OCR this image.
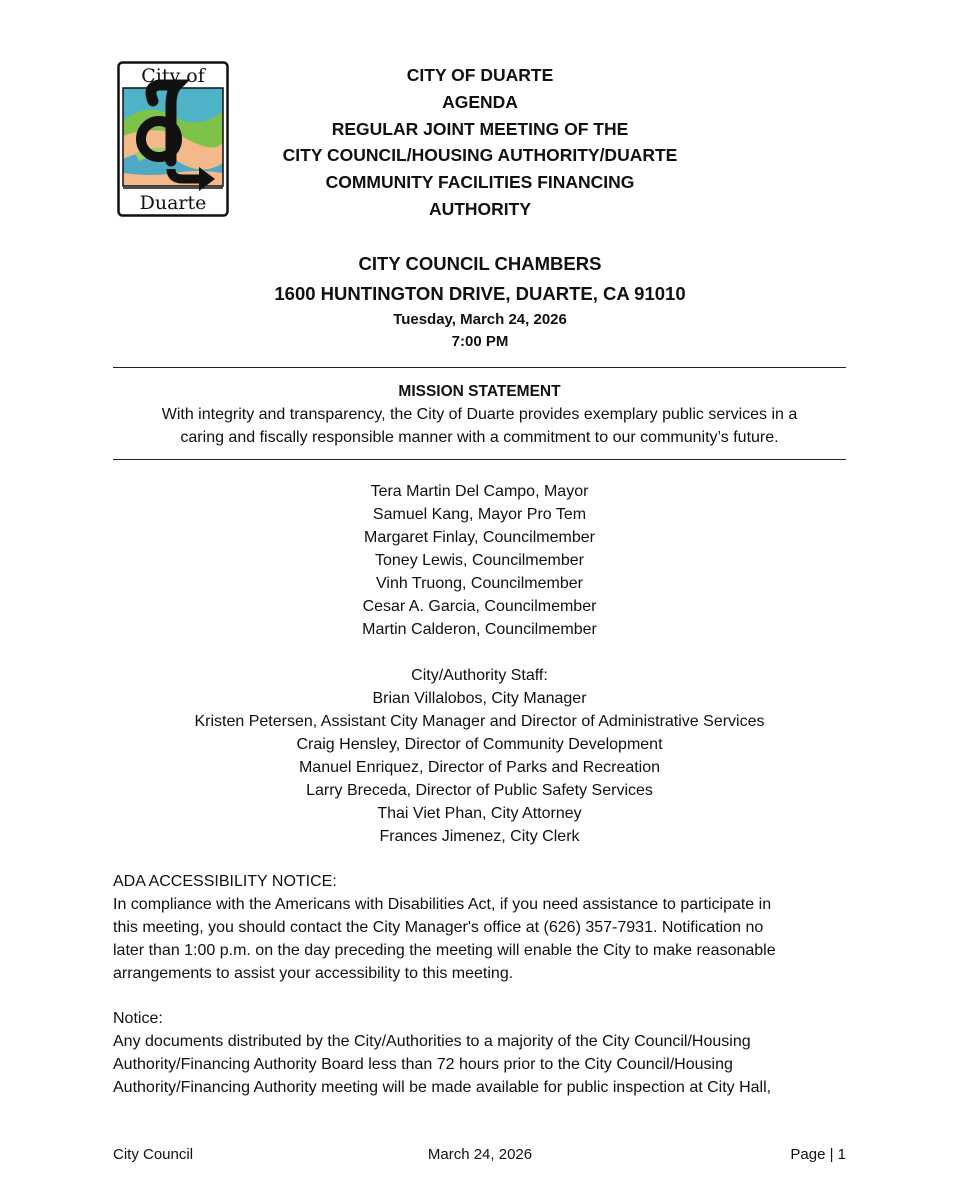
City of
Duarte
CITY OF DUARTE
AGENDA
REGULAR JOINT MEETING OF THE
CITY COUNCIL/HOUSING AUTHORITY/DUARTE
COMMUNITY FACILITIES FINANCING
AUTHORITY
CITY COUNCIL CHAMBERS
1600 HUNTINGTON DRIVE, DUARTE, CA 91010
Tuesday, March 24, 2026
7:00 PM
MISSION STATEMENT
With integrity and transparency, the City of Duarte provides exemplary public services in a
caring and fiscally responsible manner with a commitment to our community’s future.
Tera Martin Del Campo, Mayor
Samuel Kang, Mayor Pro Tem
Margaret Finlay, Councilmember
Toney Lewis, Councilmember
Vinh Truong, Councilmember
Cesar A. Garcia, Councilmember
Martin Calderon, Councilmember
City/Authority Staff:
Brian Villalobos, City Manager
Kristen Petersen, Assistant City Manager and Director of Administrative Services
Craig Hensley, Director of Community Development
Manuel Enriquez, Director of Parks and Recreation
Larry Breceda, Director of Public Safety Services
Thai Viet Phan, City Attorney
Frances Jimenez, City Clerk
ADA ACCESSIBILITY NOTICE:
In compliance with the Americans with Disabilities Act, if you need assistance to participate in
this meeting, you should contact the City Manager's office at (626) 357-7931. Notification no
later than 1:00 p.m. on the day preceding the meeting will enable the City to make reasonable
arrangements to assist your accessibility to this meeting.
Notice:
Any documents distributed by the City/Authorities to a majority of the City Council/Housing
Authority/Financing Authority Board less than 72 hours prior to the City Council/Housing
Authority/Financing Authority meeting will be made available for public inspection at City Hall,
City Council	March 24, 2026	Page | 1
